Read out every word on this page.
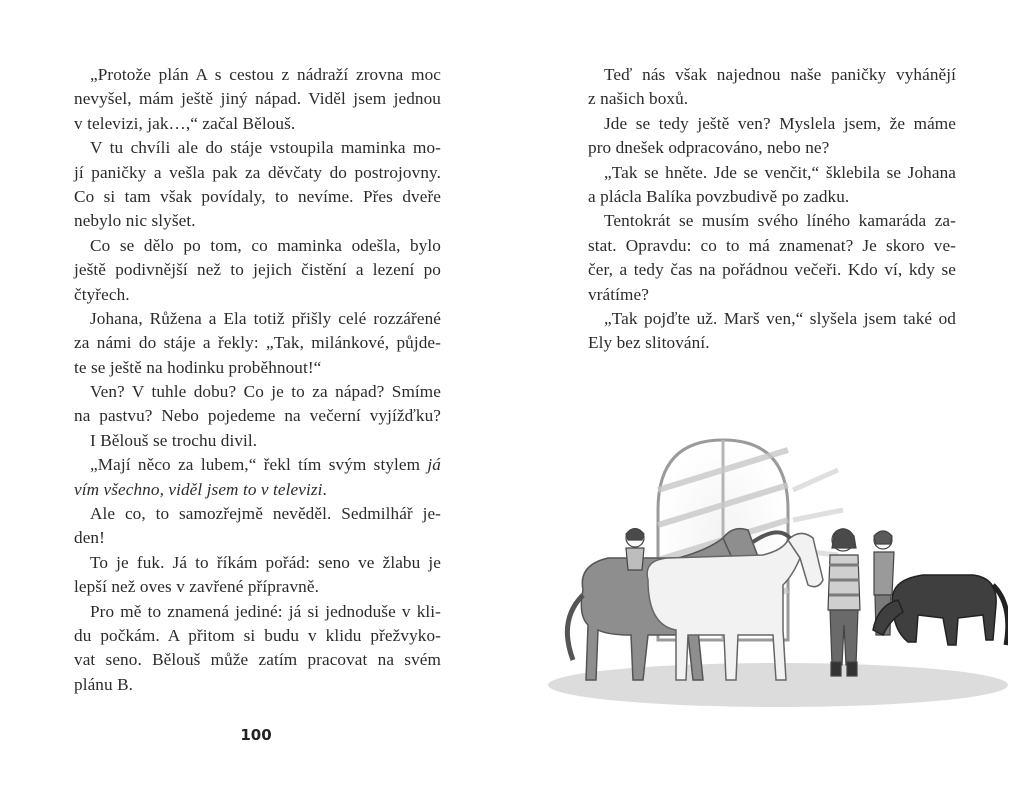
„Protože plán A s cestou z nádraží zrovna moc
nevyšel, mám ještě jiný nápad. Viděl jsem jednou
v televizi, jak…,“ začal Bělouš.
V tu chvíli ale do stáje vstoupila maminka mo-
jí paničky a vešla pak za děvčaty do postrojovny.
Co si tam však povídaly, to nevíme. Přes dveře
nebylo nic slyšet.
Co se dělo po tom, co maminka odešla, bylo
ještě podivnější než to jejich čistění a lezení po
čtyřech.
Johana, Růžena a Ela totiž přišly celé rozzářené
za námi do stáje a řekly: „Tak, milánkové, půjde-
te se ještě na hodinku proběhnout!“
Ven? V tuhle dobu? Co je to za nápad? Smíme
na pastvu? Nebo pojedeme na večerní vyjížďku?
I Bělouš se trochu divil.
„Mají něco za lubem,“ řekl tím svým stylem já
vím všechno, viděl jsem to v televizi.
Ale co, to samozřejmě nevěděl. Sedmilhář je-
den!
To je fuk. Já to říkám pořád: seno ve žlabu je
lepší než oves v zavřené přípravně.
Pro mě to znamená jediné: já si jednoduše v kli-
du počkám. A přitom si budu v klidu přežvyko-
vat seno. Bělouš může zatím pracovat na svém
plánu B.
100
Teď nás však najednou naše paničky vyhánějí
z našich boxů.
Jde se tedy ještě ven? Myslela jsem, že máme
pro dnešek odpracováno, nebo ne?
„Tak se hněte. Jde se venčit,“ šklebila se Johana
a plácla Balíka povzbudivě po zadku.
Tentokrát se musím svého líného kamaráda za-
stat. Opravdu: co to má znamenat? Je skoro ve-
čer, a tedy čas na pořádnou večeři. Kdo ví, kdy se
vrátíme?
„Tak pojďte už. Marš ven,“ slyšela jsem také od
Ely bez slitování.
